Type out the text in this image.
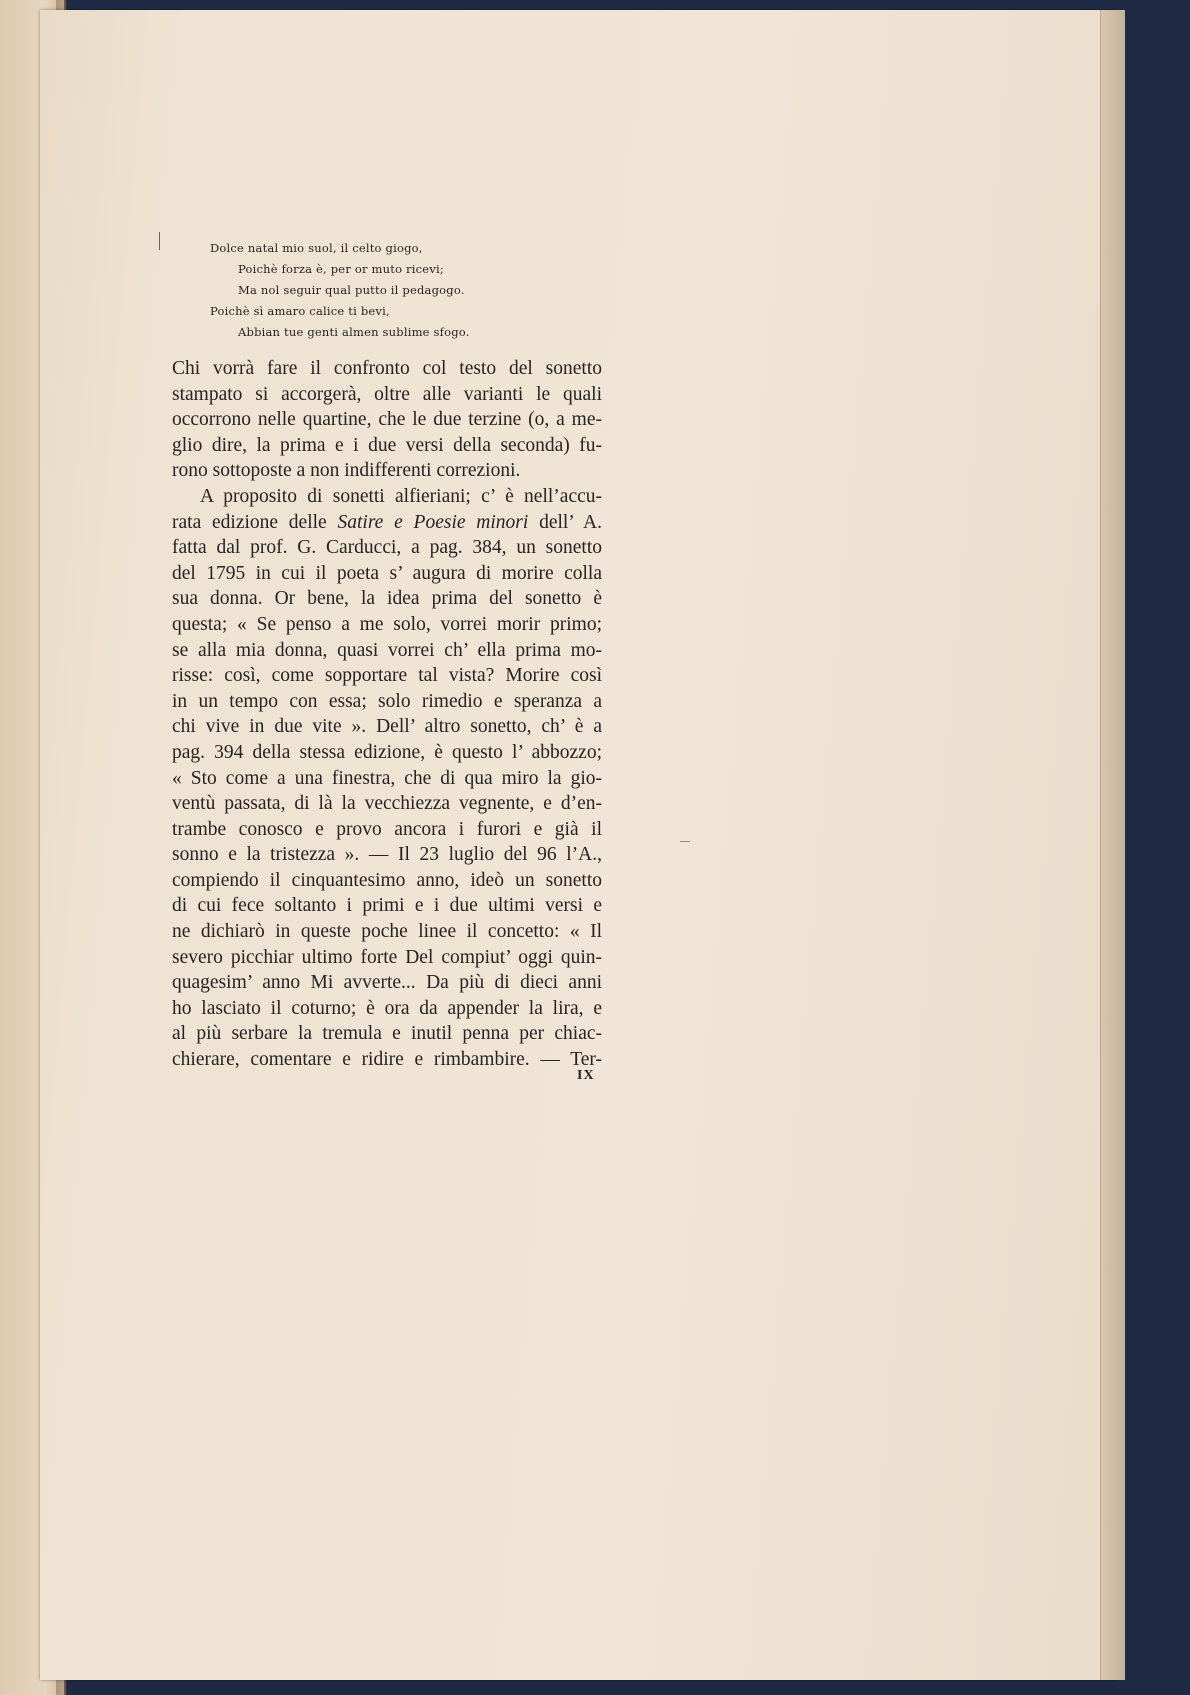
Dolce natal mio suol, il celto giogo,
Poichè forza è, per or muto ricevi;
Ma nol seguir qual putto il pedagogo.
Poichè sì amaro calice ti bevi,
Abbian tue genti almen sublime sfogo.
Chi vorrà fare il confronto col testo del sonetto
stampato si accorgerà, oltre alle varianti le quali
occorrono nelle quartine, che le due terzine (o, a me-
glio dire, la prima e i due versi della seconda) fu-
rono sottoposte a non indifferenti correzioni.
A proposito di sonetti alfieriani; c’ è nell’accu-
rata edizione delle Satire e Poesie minori dell’ A.
fatta dal prof. G. Carducci, a pag. 384, un sonetto
del 1795 in cui il poeta s’ augura di morire colla
sua donna. Or bene, la idea prima del sonetto è
questa; « Se penso a me solo, vorrei morir primo;
se alla mia donna, quasi vorrei ch’ ella prima mo-
risse: così, come sopportare tal vista? Morire così
in un tempo con essa; solo rimedio e speranza a
chi vive in due vite ». Dell’ altro sonetto, ch’ è a
pag. 394 della stessa edizione, è questo l’ abbozzo;
« Sto come a una finestra, che di qua miro la gio-
ventù passata, di là la vecchiezza vegnente, e d’en-
trambe conosco e provo ancora i furori e già il
sonno e la tristezza ». — Il 23 luglio del 96 l’A.,
compiendo il cinquantesimo anno, ideò un sonetto
di cui fece soltanto i primi e i due ultimi versi e
ne dichiarò in queste poche linee il concetto: « Il
severo picchiar ultimo forte Del compiut’ oggi quin-
quagesim’ anno Mi avverte... Da più di dieci anni
ho lasciato il coturno; è ora da appender la lira, e
al più serbare la tremula e inutil penna per chiac-
chierare, comentare e ridire e rimbambire. — Ter-
IX
